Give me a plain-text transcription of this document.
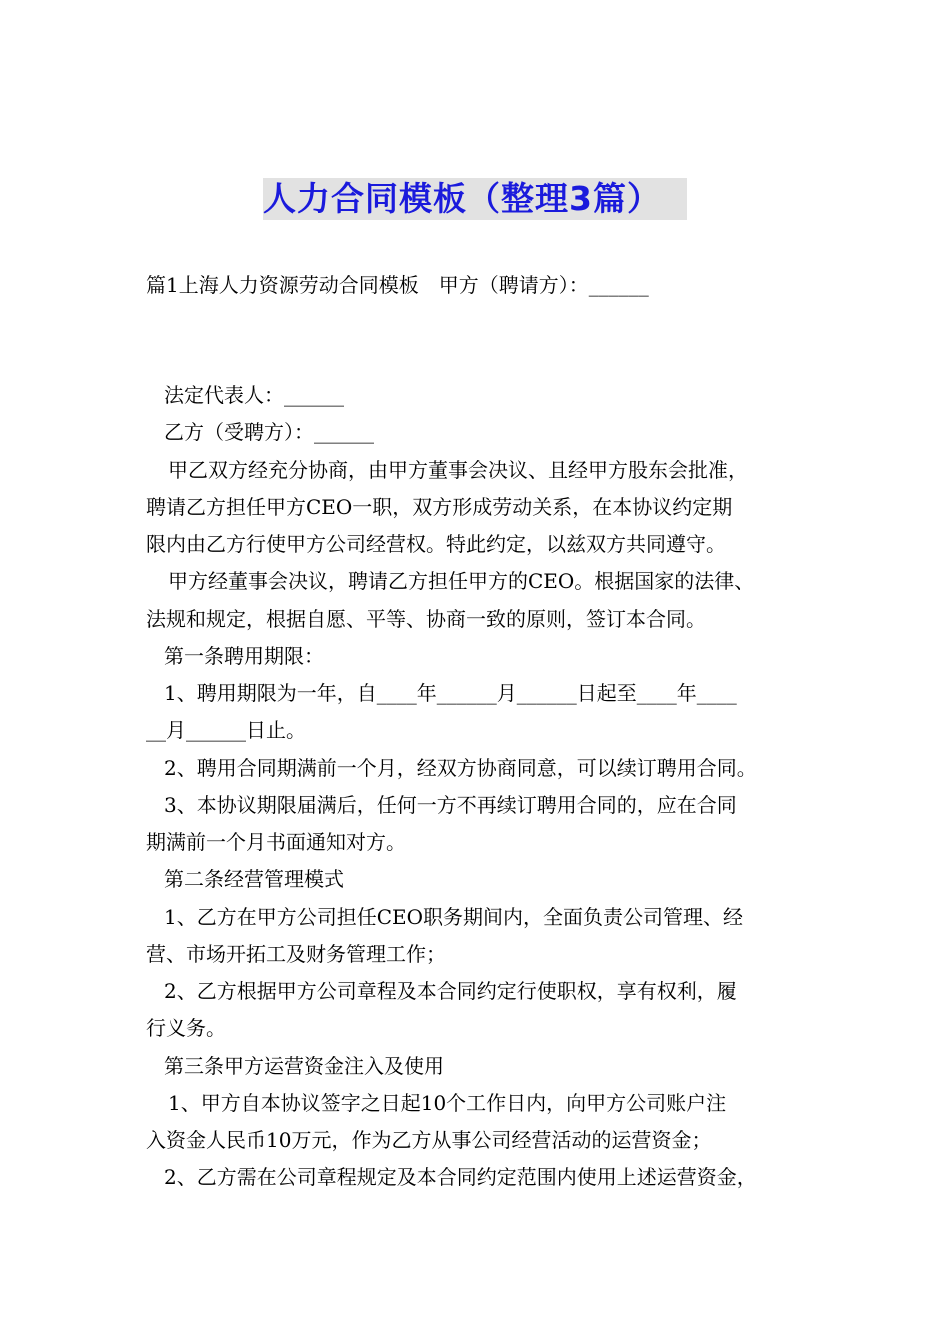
人力合同模板（整理3篇）
篇1上海人力资源劳动合同模板　甲方（聘请方）：______
法定代表人：______
乙方（受聘方）：______
甲乙双方经充分协商，由甲方董事会决议、且经甲方股东会批准，
聘请乙方担任甲方CEO一职，双方形成劳动关系，在本协议约定期
限内由乙方行使甲方公司经营权。特此约定，以兹双方共同遵守。
甲方经董事会决议，聘请乙方担任甲方的CEO。根据国家的法律、
法规和规定，根据自愿、平等、协商一致的原则，签订本合同。
第一条聘用期限：
1、聘用期限为一年，自____年______月______日起至____年____
__月______日止。
2、聘用合同期满前一个月，经双方协商同意，可以续订聘用合同。
3、本协议期限届满后，任何一方不再续订聘用合同的，应在合同
期满前一个月书面通知对方。
第二条经营管理模式
1、乙方在甲方公司担任CEO职务期间内，全面负责公司管理、经
营、市场开拓工及财务管理工作；
2、乙方根据甲方公司章程及本合同约定行使职权，享有权利，履
行义务。
第三条甲方运营资金注入及使用
1、甲方自本协议签字之日起10个工作日内，向甲方公司账户注
入资金人民币10万元，作为乙方从事公司经营活动的运营资金；
2、乙方需在公司章程规定及本合同约定范围内使用上述运营资金，
